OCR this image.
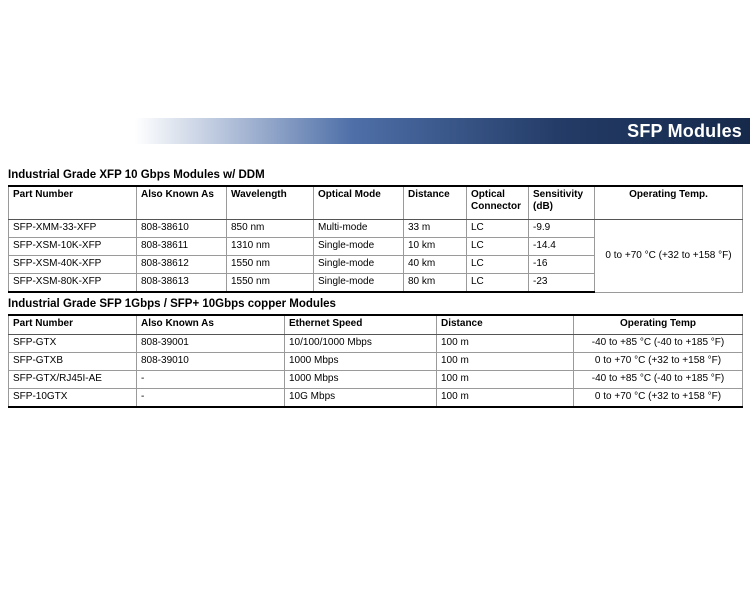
SFP Modules
Industrial Grade XFP 10 Gbps Modules w/ DDM
Part Number	Also Known As	Wavelength	Optical Mode	Distance	Optical Connector	Sensitivity (dB)	Operating Temp.
SFP-XMM-33-XFP	808-38610	850 nm	Multi-mode	33 m	LC	-9.9	0 to +70 °C (+32 to +158 °F)
SFP-XSM-10K-XFP	808-38611	1310 nm	Single-mode	10 km	LC	-14.4	
SFP-XSM-40K-XFP	808-38612	1550 nm	Single-mode	40 km	LC	-16	
SFP-XSM-80K-XFP	808-38613	1550 nm	Single-mode	80 km	LC	-23	
Industrial Grade SFP 1Gbps / SFP+ 10Gbps copper Modules
Part Number	Also Known As	Ethernet Speed	Distance	Operating Temp
SFP-GTX	808-39001	10/100/1000 Mbps	100 m	-40 to +85 °C (-40 to +185 °F)
SFP-GTXB	808-39010	1000 Mbps	100 m	0 to +70 °C (+32 to +158 °F)
SFP-GTX/RJ45I-AE	-	1000 Mbps	100 m	-40 to +85 °C (-40 to +185 °F)
SFP-10GTX	-	10G Mbps	100 m	0 to +70 °C (+32 to +158 °F)
